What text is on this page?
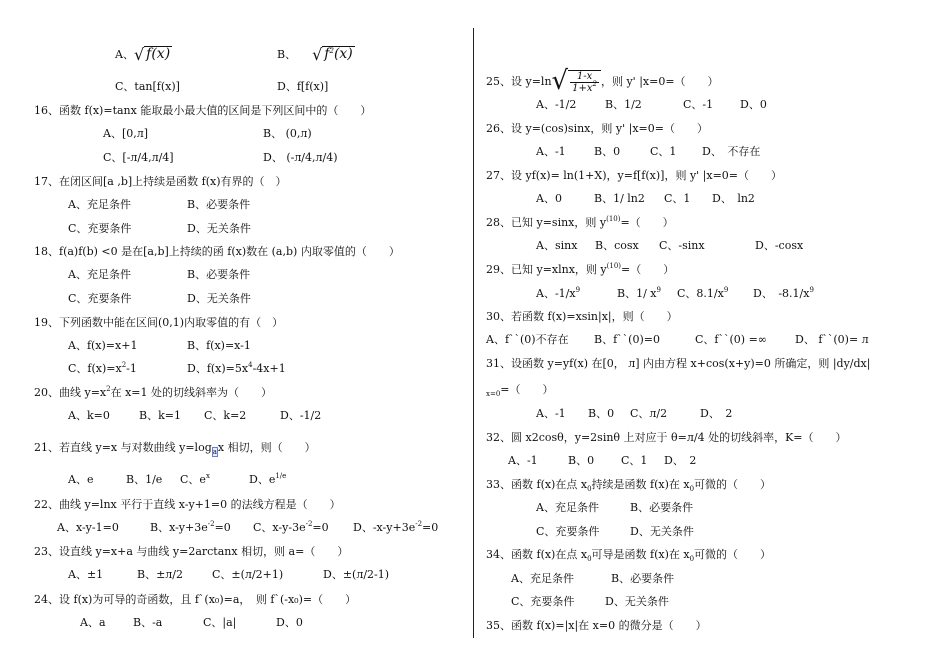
A、√ f(x)	B、 √ $f^2(x)$
C、tan[f(x)]	D、f[f(x)]
16、函数 f(x)=tanx 能取最小最大值的区间是下列区间中的（　　）
A、[0,л]	B、 (0,л)
C、[-л/4,л/4]	D、 (-л/4,л/4)
17、在闭区间[a ,b]上持续是函数 f(x)有界的（　）
A、充足条件	B、必要条件
C、充要条件	D、无关条件
18、f(a)f(b) <0 是在[a,b]上持续的函 f(x)数在 (a,b) 内取零值的（　　）
A、充足条件	B、必要条件
C、充要条件	D、无关条件
19、下列函数中能在区间(0,1)内取零值的有（　）
A、f(x)=x+1	B、f(x)=x-1
C、$f(x)=x^2-1$	D、$f(x)=5x^4-4x+1$
20、曲线 $y=x^2$在 x=1 处的切线斜率为（　　）
A、k=0	B、k=1 C、k=2	D、-1/2
21、若直线 y=x 与对数曲线 $y=\log_ax$ 相切，则（　　）
A、e	B、1/e C、$e^x$	D、$e^{1/e}$
22、曲线 y=lnx 平行于直线 x-y+1=0 的法线方程是（　　）
A、x-y-1=0	B、$x-y+3e^{-2}=0$ C、$x-y-3e^{-2}=0$ D、$-x-y+3e^{-2}=0$
23、设直线 y=x+a 与曲线 y=2arctanx 相切，则 a=（　　）
A、±1	B、±л/2	C、±(л/2+1)	D、±(л/2-1)
24、设 f(x)为可导的奇函数，且 f`(x₀)=a，　则 f`(-x₀)=（　　）
A、a B、-a	C、|a|	D、0
25、设 $y=\ln√ \frac{1-x}{1+x^2}$ ，则 y' |x=0=（　　）
A、-1/2	B、1/2	C、-1 D、0
26、设 y=(cos)sinx，则 y' |x=0=（　　）
A、-1	B、0	C、1 D、　不存在
27、设 yf(x)= ln(1+X)，y=f[f(x)]，则 y' |x=0=（　　）
A、0	B、1/ ln2 C、1 D、　ln2
28、已知 y=sinx，则 $y^{(10)}=$（　　）
A、sinx B、cosx C、-sinx	D、-cosx
29、已知 y=xlnx，则 $y^{(10)}=$（　　）
A、$-1/x^9$	B、1/ $x^9$ C、$8.1/x^9$ D、　$-8.1/x^9$
30、若函数 f(x)=xsin|x|，则（　　）
A、f``(0)不存在 B、f``(0)=0	C、f``(0) =∞	D、 f``(0)= л
31、设函数 y=yf(x) 在[0， л] 内由方程 x+cos(x+y)=0 所确定，则 |dy/dx|
$_{x=0}$=（　　）
A、-1 B、0 C、л/2	D、　2
32、圆 x2cosθ，y=2sinθ 上对应于 θ=л/4 处的切线斜率，K=（　　）
A、-1	B、0 C、1 D、　2
33、函数 f(x)在点 $x_0$持续是函数 f(x)在 $x_0$可微的（　　）
A、充足条件	B、必要条件
C、充要条件	D、无关条件
34、函数 f(x)在点 $x_0$可导是函数 f(x)在 $x_0$可微的（　　）
A、充足条件	B、必要条件
C、充要条件	D、无关条件
35、函数 f(x)=|x|在 x=0 的微分是（　　）
